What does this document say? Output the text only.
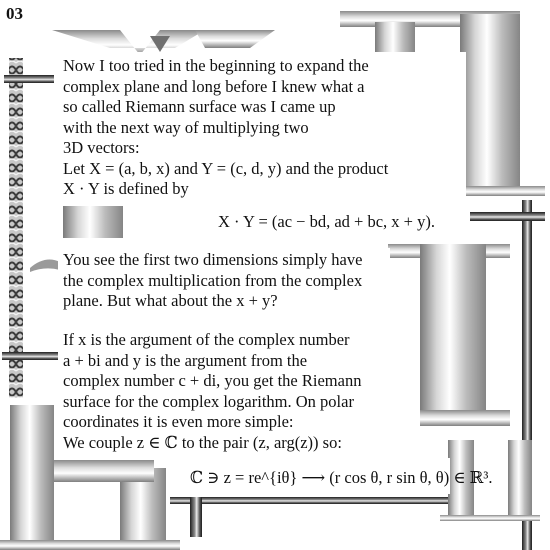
03

Now I too tried in the beginning to expand the
complex plane and long before I knew what a
so called Riemann surface was I came up
with the next way of multiplying two
3D vectors:
Let X = (a, b, x) and Y = (c, d, y) and the product
X · Y is defined by

X · Y = (ac − bd, ad + bc, x + y).

You see the first two dimensions simply have
the complex multiplication from the complex
plane. But what about the x + y?

If x is the argument of the complex number
a + bi and y is the argument from the
complex number c + di, you get the Riemann
surface for the complex logarithm. On polar
coordinates it is even more simple:
We couple z ∈ ℂ to the pair (z, arg(z)) so:

ℂ ∋ z = re^{iθ} ⟶ (r cos θ, r sin θ, θ) ∈ ℝ³.
